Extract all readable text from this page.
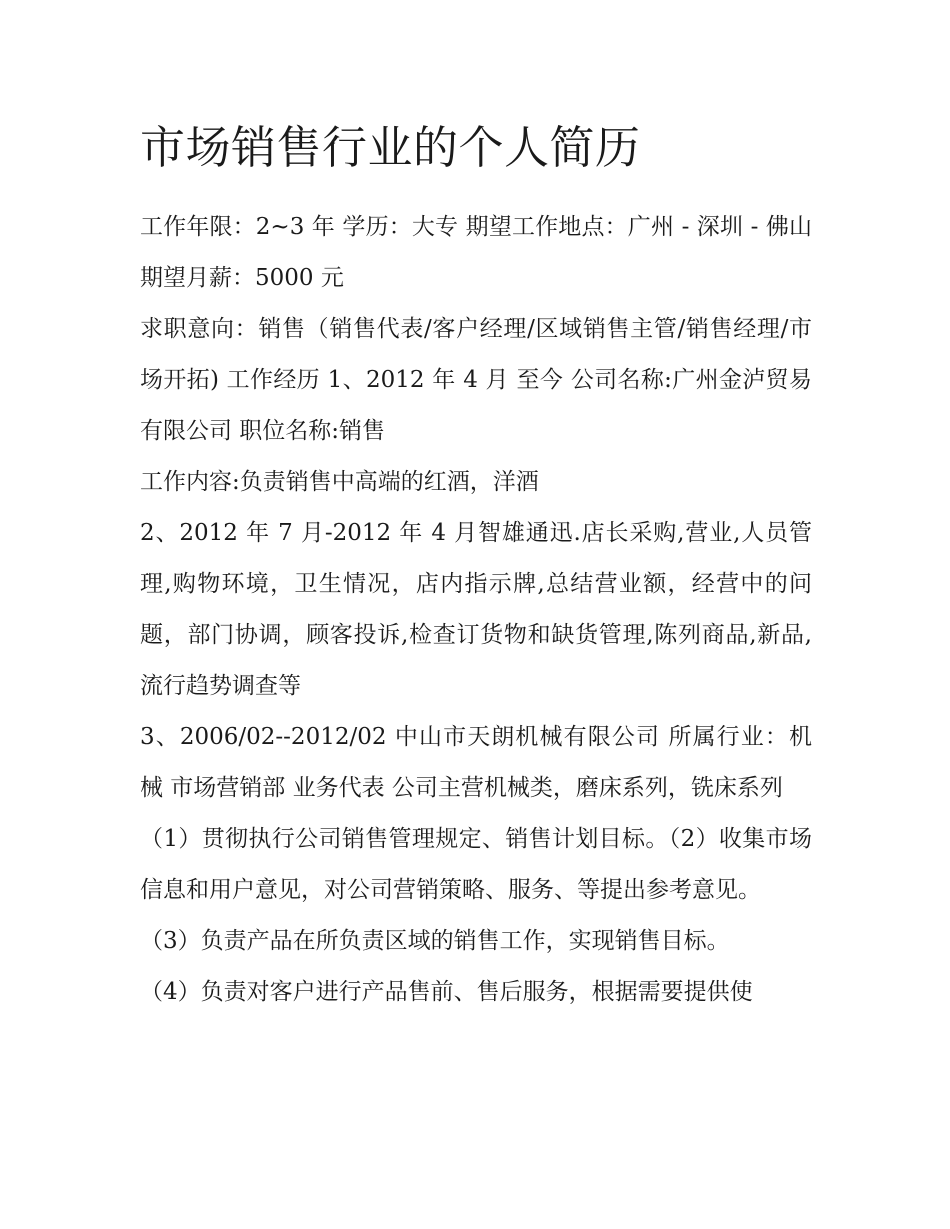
市场销售行业的个人简历

工作年限：2~3 年 学历：大专 期望工作地点：广州 - 深圳 - 佛山 期望月薪：5000 元

求职意向：销售（销售代表/客户经理/区域销售主管/销售经理/市场开拓) 工作经历 1、2012 年 4 月 至今 公司名称:广州金泸贸易有限公司 职位名称:销售

工作内容:负责销售中高端的红酒，洋酒

2、2012 年 7 月-2012 年 4 月智雄通迅.店长采购,营业,人员管理,购物环境，卫生情况，店内指示牌,总结营业额，经营中的问题，部门协调，顾客投诉,检查订货物和缺货管理,陈列商品,新品,流行趋势调查等

3、2006/02--2012/02 中山市天朗机械有限公司 所属行业：机械 市场营销部 业务代表 公司主营机械类，磨床系列，铣床系列

（1）贯彻执行公司销售管理规定、销售计划目标。（2）收集市场信息和用户意见，对公司营销策略、服务、等提出参考意见。

（3）负责产品在所负责区域的销售工作，实现销售目标。

（4）负责对客户进行产品售前、售后服务，根据需要提供使
